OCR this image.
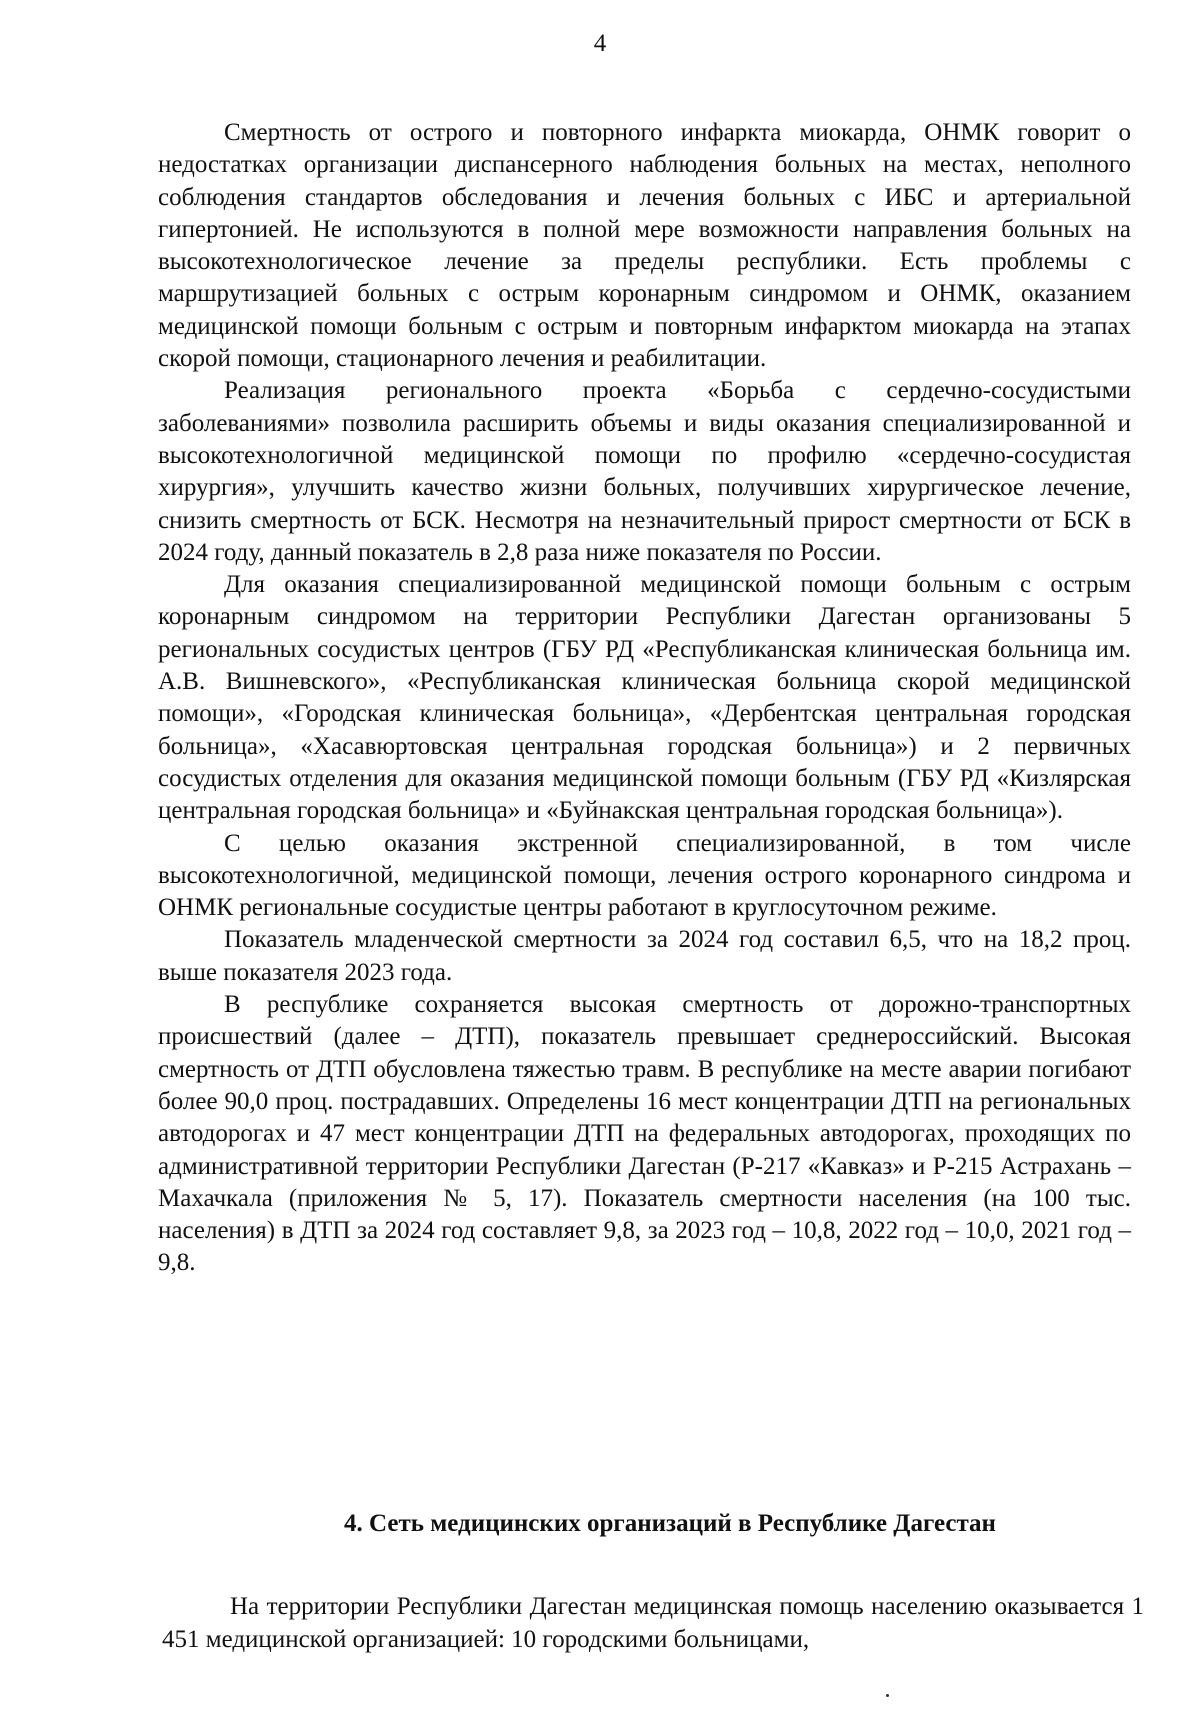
4

Смертность от острого и повторного инфаркта миокарда, ОНМК говорит о недостатках организации диспансерного наблюдения больных на местах, неполного соблюдения стандартов обследования и лечения больных с ИБС и артериальной гипертонией. Не используются в полной мере возможности направления больных на высокотехнологическое лечение за пределы республики. Есть проблемы с маршрутизацией больных с острым коронарным синдромом и ОНМК, оказанием медицинской помощи больным с острым и повторным инфарктом миокарда на этапах скорой помощи, стационарного лечения и реабилитации.

Реализация регионального проекта «Борьба с сердечно-сосудистыми заболеваниями» позволила расширить объемы и виды оказания специализированной и высокотехнологичной медицинской помощи по профилю «сердечно-сосудистая хирургия», улучшить качество жизни больных, получивших хирургическое лечение, снизить смертность от БСК. Несмотря на незначительный прирост смертности от БСК в 2024 году, данный показатель в 2,8 раза ниже показателя по России.

Для оказания специализированной медицинской помощи больным с острым коронарным синдромом на территории Республики Дагестан организованы 5 региональных сосудистых центров (ГБУ РД «Республиканская клиническая больница им. А.В. Вишневского», «Республиканская клиническая больница скорой медицинской помощи», «Городская клиническая больница», «Дербентская центральная городская больница», «Хасавюртовская центральная городская больница») и 2 первичных сосудистых отделения для оказания медицинской помощи больным (ГБУ РД «Кизлярская центральная городская больница» и «Буйнакская центральная городская больница»).

С целью оказания экстренной специализированной, в том числе высокотехнологичной, медицинской помощи, лечения острого коронарного синдрома и ОНМК региональные сосудистые центры работают в круглосуточном режиме.

Показатель младенческой смертности за 2024 год составил 6,5, что на 18,2 проц. выше показателя 2023 года.

В республике сохраняется высокая смертность от дорожно-транспортных происшествий (далее – ДТП), показатель превышает среднероссийский. Высокая смертность от ДТП обусловлена тяжестью травм. В республике на месте аварии погибают более 90,0 проц. пострадавших. Определены 16 мест концентрации ДТП на региональных автодорогах и 47 мест концентрации ДТП на федеральных автодорогах, проходящих по административной территории Республики Дагестан (Р-217 «Кавказ» и Р-215 Астрахань – Махачкала (приложения № 5, 17). Показатель смертности населения (на 100 тыс. населения) в ДТП за 2024 год составляет 9,8, за 2023 год – 10,8, 2022 год – 10,0, 2021 год – 9,8.

4. Сеть медицинских организаций в Республике Дагестан
На территории Республики Дагестан медицинская помощь населению оказывается 1 451 медицинской организацией: 10 городскими больницами,
